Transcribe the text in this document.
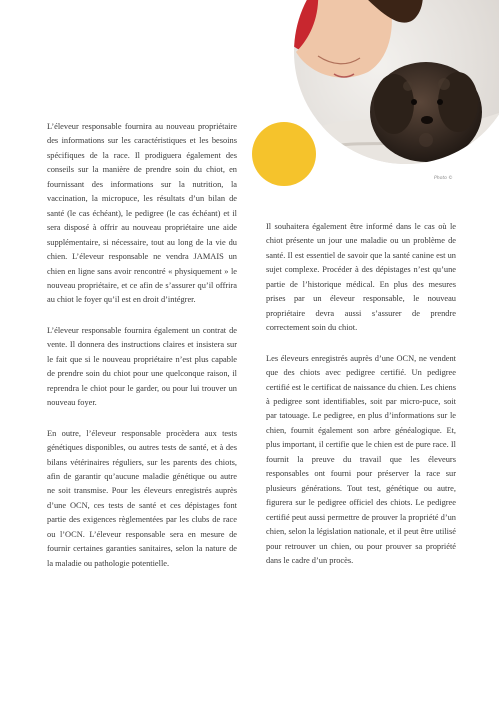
Photo ©

L’éleveur responsable fournira au nouveau propriétaire des informations sur les caractéristiques et les besoins spécifiques de la race. Il prodiguera également des conseils sur la manière de prendre soin du chiot, en fournissant des informations sur la nutrition, la vaccination, la micropuce, les résultats d’un bilan de santé (le cas échéant), le pedigree (le cas échéant) et il sera disposé à offrir au nouveau propriétaire une aide supplémentaire, si nécessaire, tout au long de la vie du chien. L’éleveur responsable ne vendra JAMAIS un chien en ligne sans avoir rencontré « physiquement » le nouveau propriétaire, et ce afin de s’assurer qu’il offrira au chiot le foyer qu’il est en droit d’intégrer.

L’éleveur responsable fournira également un contrat de vente. Il donnera des instructions claires et insistera sur le fait que si le nouveau propriétaire n’est plus capable de prendre soin du chiot pour une quelconque raison, il reprendra le chiot pour le garder, ou pour lui trouver un nouveau foyer.

En outre, l’éleveur responsable procèdera aux tests génétiques disponibles, ou autres tests de santé, et à des bilans vétérinaires réguliers, sur les parents des chiots, afin de garantir qu’aucune maladie génétique ou autre ne soit transmise. Pour les éleveurs enregistrés auprès d’une OCN, ces tests de santé et ces dépistages font partie des exigences règlementées par les clubs de race ou l’OCN. L’éleveur responsable sera en mesure de fournir certaines garanties sanitaires, selon la nature de la maladie ou pathologie potentielle.

Il souhaitera également être informé dans le cas où le chiot présente un jour une maladie ou un problème de santé. Il est essentiel de savoir que la santé canine est un sujet complexe. Procéder à des dépistages n’est qu’une partie de l’historique médical. En plus des mesures prises par un éleveur responsable, le nouveau propriétaire devra aussi s’assurer de prendre correctement soin du chiot.

Les éleveurs enregistrés auprès d’une OCN, ne vendent que des chiots avec pedigree certifié. Un pedigree certifié est le certificat de naissance du chien. Les chiens à pedigree sont identifiables, soit par micro-puce, soit par tatouage. Le pedigree, en plus d’informations sur le chien, fournit également son arbre généalogique. Et, plus important, il certifie que le chien est de pure race. Il fournit la preuve du travail que les éleveurs responsables ont fourni pour préserver la race sur plusieurs générations. Tout test, génétique ou autre, figurera sur le pedigree officiel des chiots. Le pedigree certifié peut aussi permettre de prouver la propriété d’un chien, selon la législation nationale, et il peut être utilisé pour retrouver un chien, ou pour prouver sa propriété dans le cadre d’un procès.
